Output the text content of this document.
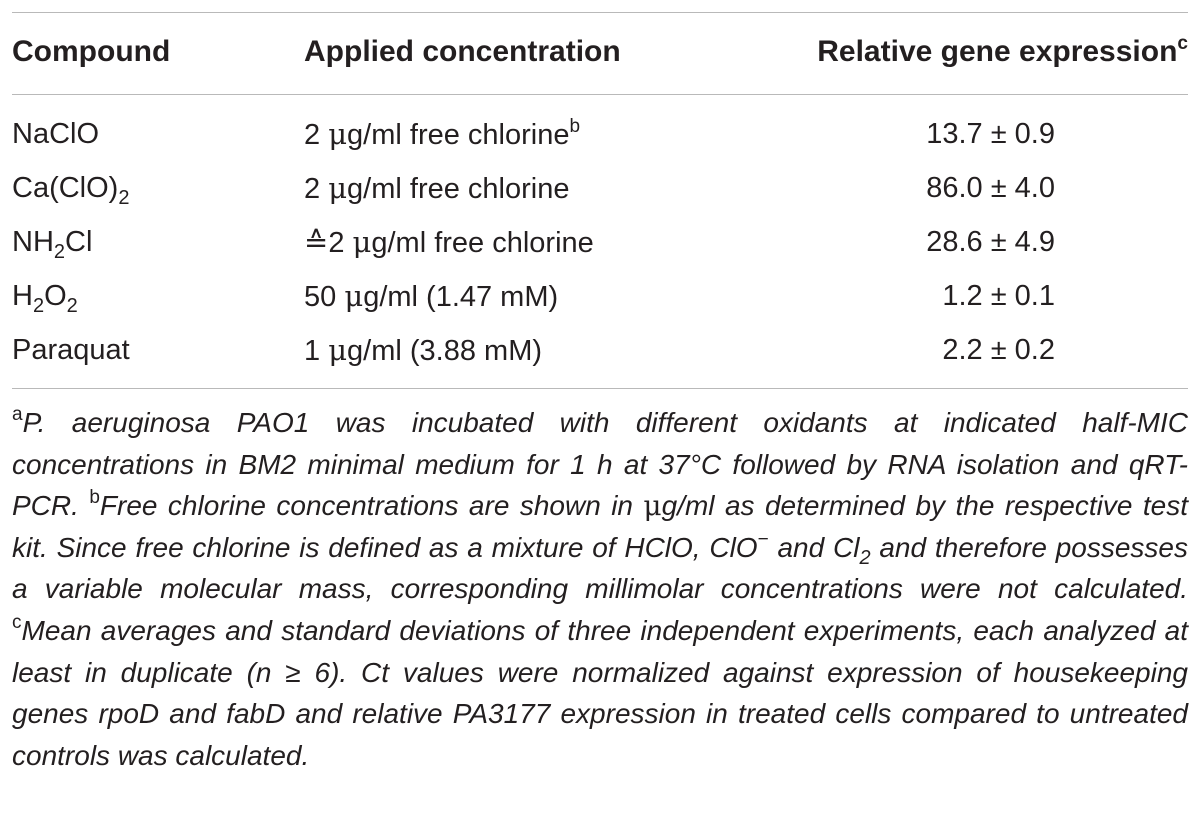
Compound	Applied concentration	Relative gene expression$^c$
NaClO	2 μg/ml free chlorine$^b$	13.7 ± 0.9
$Ca(ClO)_2$	2 μg/ml free chlorine	86.0 ± 4.0
$NH_2Cl$	≙2 μg/ml free chlorine	28.6 ± 4.9
$H_2O_2$	50 μg/ml (1.47 mM)	1.2 ± 0.1
Paraquat	1 μg/ml (3.88 mM)	2.2 ± 0.2
$^a$P. aeruginosa PAO1 was incubated with different oxidants at indicated half-MIC concentrations in BM2 minimal medium for 1 h at 37°C followed by RNA isolation and qRT-PCR. $^b$Free chlorine concentrations are shown in μg/ml as determined by the respective test kit. Since free chlorine is defined as a mixture of HClO, ClO− and $Cl_2$ and therefore possesses a variable molecular mass, corresponding millimolar concentrations were not calculated. $^c$Mean averages and standard deviations of three independent experiments, each analyzed at least in duplicate (n ≥ 6). Ct values were normalized against expression of housekeeping genes rpoD and fabD and relative PA3177 expression in treated cells compared to untreated controls was calculated.
